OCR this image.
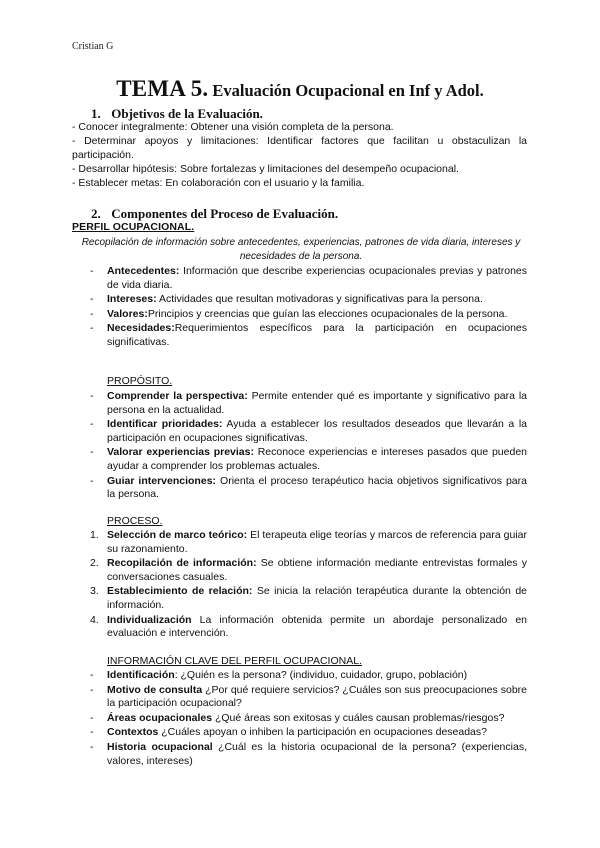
Cristian G
TEMA 5. Evaluación Ocupacional en Inf y Adol.
1. Objetivos de la Evaluación.

- Conocer integralmente: Obtener una visión completa de la persona.

- Determinar apoyos y limitaciones: Identificar factores que facilitan u obstaculizan la participación.

- Desarrollar hipótesis: Sobre fortalezas y limitaciones del desempeño ocupacional.

- Establecer metas: En colaboración con el usuario y la familia.

2. Componentes del Proceso de Evaluación.
PERFIL OCUPACIONAL.
Recopilación de información sobre antecedentes, experiencias, patrones de vida diaria, intereses y necesidades de la persona.
- Antecedentes: Información que describe experiencias ocupacionales previas y patrones de vida diaria.
- Intereses: Actividades que resultan motivadoras y significativas para la persona.
- Valores:Principios y creencias que guían las elecciones ocupacionales de la persona.
- Necesidades:Requerimientos específicos para la participación en ocupaciones significativas.
PROPÓSITO.
- Comprender la perspectiva: Permite entender qué es importante y significativo para la persona en la actualidad.
- Identificar prioridades: Ayuda a establecer los resultados deseados que llevarán a la participación en ocupaciones significativas.
- Valorar experiencias previas: Reconoce experiencias e intereses pasados que pueden ayudar a comprender los problemas actuales.
- Guiar intervenciones: Orienta el proceso terapéutico hacia objetivos significativos para la persona.
PROCESO.
1. Selección de marco teórico: El terapeuta elige teorías y marcos de referencia para guiar su razonamiento.
2. Recopilación de información: Se obtiene información mediante entrevistas formales y conversaciones casuales.
3. Establecimiento de relación: Se inicia la relación terapéutica durante la obtención de información.
4. Individualización La información obtenida permite un abordaje personalizado en evaluación e intervención.
INFORMACIÓN CLAVE DEL PERFIL OCUPACIONAL.
- Identificación: ¿Quién es la persona? (individuo, cuidador, grupo, población)
- Motivo de consulta ¿Por qué requiere servicios? ¿Cuáles son sus preocupaciones sobre la participación ocupacional?
- Áreas ocupacionales ¿Qué áreas son exitosas y cuáles causan problemas/riesgos?
- Contextos ¿Cuáles apoyan o inhiben la participación en ocupaciones deseadas?
- Historia ocupacional ¿Cuál es la historia ocupacional de la persona? (experiencias, valores, intereses)
